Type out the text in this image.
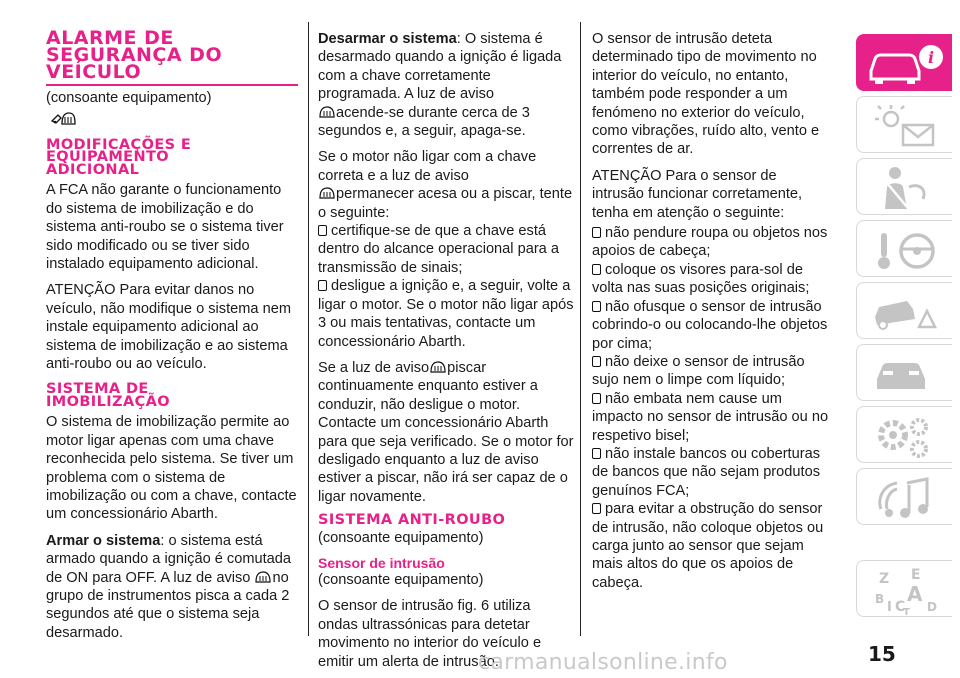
ALARME DE
SEGURANÇA DO
VEÍCULO
(consoante equipamento)
MODIFICAÇÕES E
EQUIPAMENTO
ADICIONAL

A FCA não garante o funcionamento do sistema de imobilização e do sistema anti-roubo se o sistema tiver sido modificado ou se tiver sido instalado equipamento adicional.

ATENÇÃO Para evitar danos no veículo, não modifique o sistema nem instale equipamento adicional ao sistema de imobilização e ao sistema anti-roubo ou ao veículo.

SISTEMA DE
IMOBILIZAÇÃO

O sistema de imobilização permite ao motor ligar apenas com uma chave reconhecida pelo sistema. Se tiver um problema com o sistema de imobilização ou com a chave, contacte um concessionário Abarth.

Armar o sistema: o sistema está armado quando a ignição é comutada de ON para OFF. A luz de aviso no grupo de instrumentos pisca a cada 2 segundos até que o sistema seja desarmado.

Desarmar o sistema: O sistema é desarmado quando a ignição é ligada com a chave corretamente programada. A luz de aviso
acende-se durante cerca de 3 segundos e, a seguir, apaga-se.

Se o motor não ligar com a chave correta e a luz de aviso
permanecer acesa ou a piscar, tente o seguinte:

certifique-se de que a chave está dentro do alcance operacional para a transmissão de sinais;

desligue a ignição e, a seguir, volte a ligar o motor. Se o motor não ligar após 3 ou mais tentativas, contacte um concessionário Abarth.

Se a luz de aviso piscar continuamente enquanto estiver a conduzir, não desligue o motor. Contacte um concessionário Abarth para que seja verificado. Se o motor for desligado enquanto a luz de aviso estiver a piscar, não irá ser capaz de o ligar novamente.

SISTEMA ANTI-ROUBO
(consoante equipamento)
Sensor de intrusão

(consoante equipamento)

O sensor de intrusão fig. 6 utiliza ondas ultrassónicas para detetar movimento no interior do veículo e emitir um alerta de intrusão.

O sensor de intrusão deteta determinado tipo de movimento no interior do veículo, no entanto, também pode responder a um fenómeno no exterior do veículo, como vibrações, ruído alto, vento e correntes de ar.

ATENÇÃO Para o sensor de intrusão funcionar corretamente, tenha em atenção o seguinte:

não pendure roupa ou objetos nos apoios de cabeça;
coloque os visores para-sol de volta nas suas posições originais;
não ofusque o sensor de intrusão cobrindo-o ou colocando-lhe objetos por cima;
não deixe o sensor de intrusão sujo nem o limpe com líquido;
não embata nem cause um impacto no sensor de intrusão ou no respetivo bisel;
não instale bancos ou coberturas de bancos que não sejam produtos genuínos FCA;
para evitar a obstrução do sensor de intrusão, não coloque objetos ou carga junto ao sensor que sejam mais altos do que os apoios de cabeça.
i
Z E
B A
I C
T D
15
carmanualsonline.info
